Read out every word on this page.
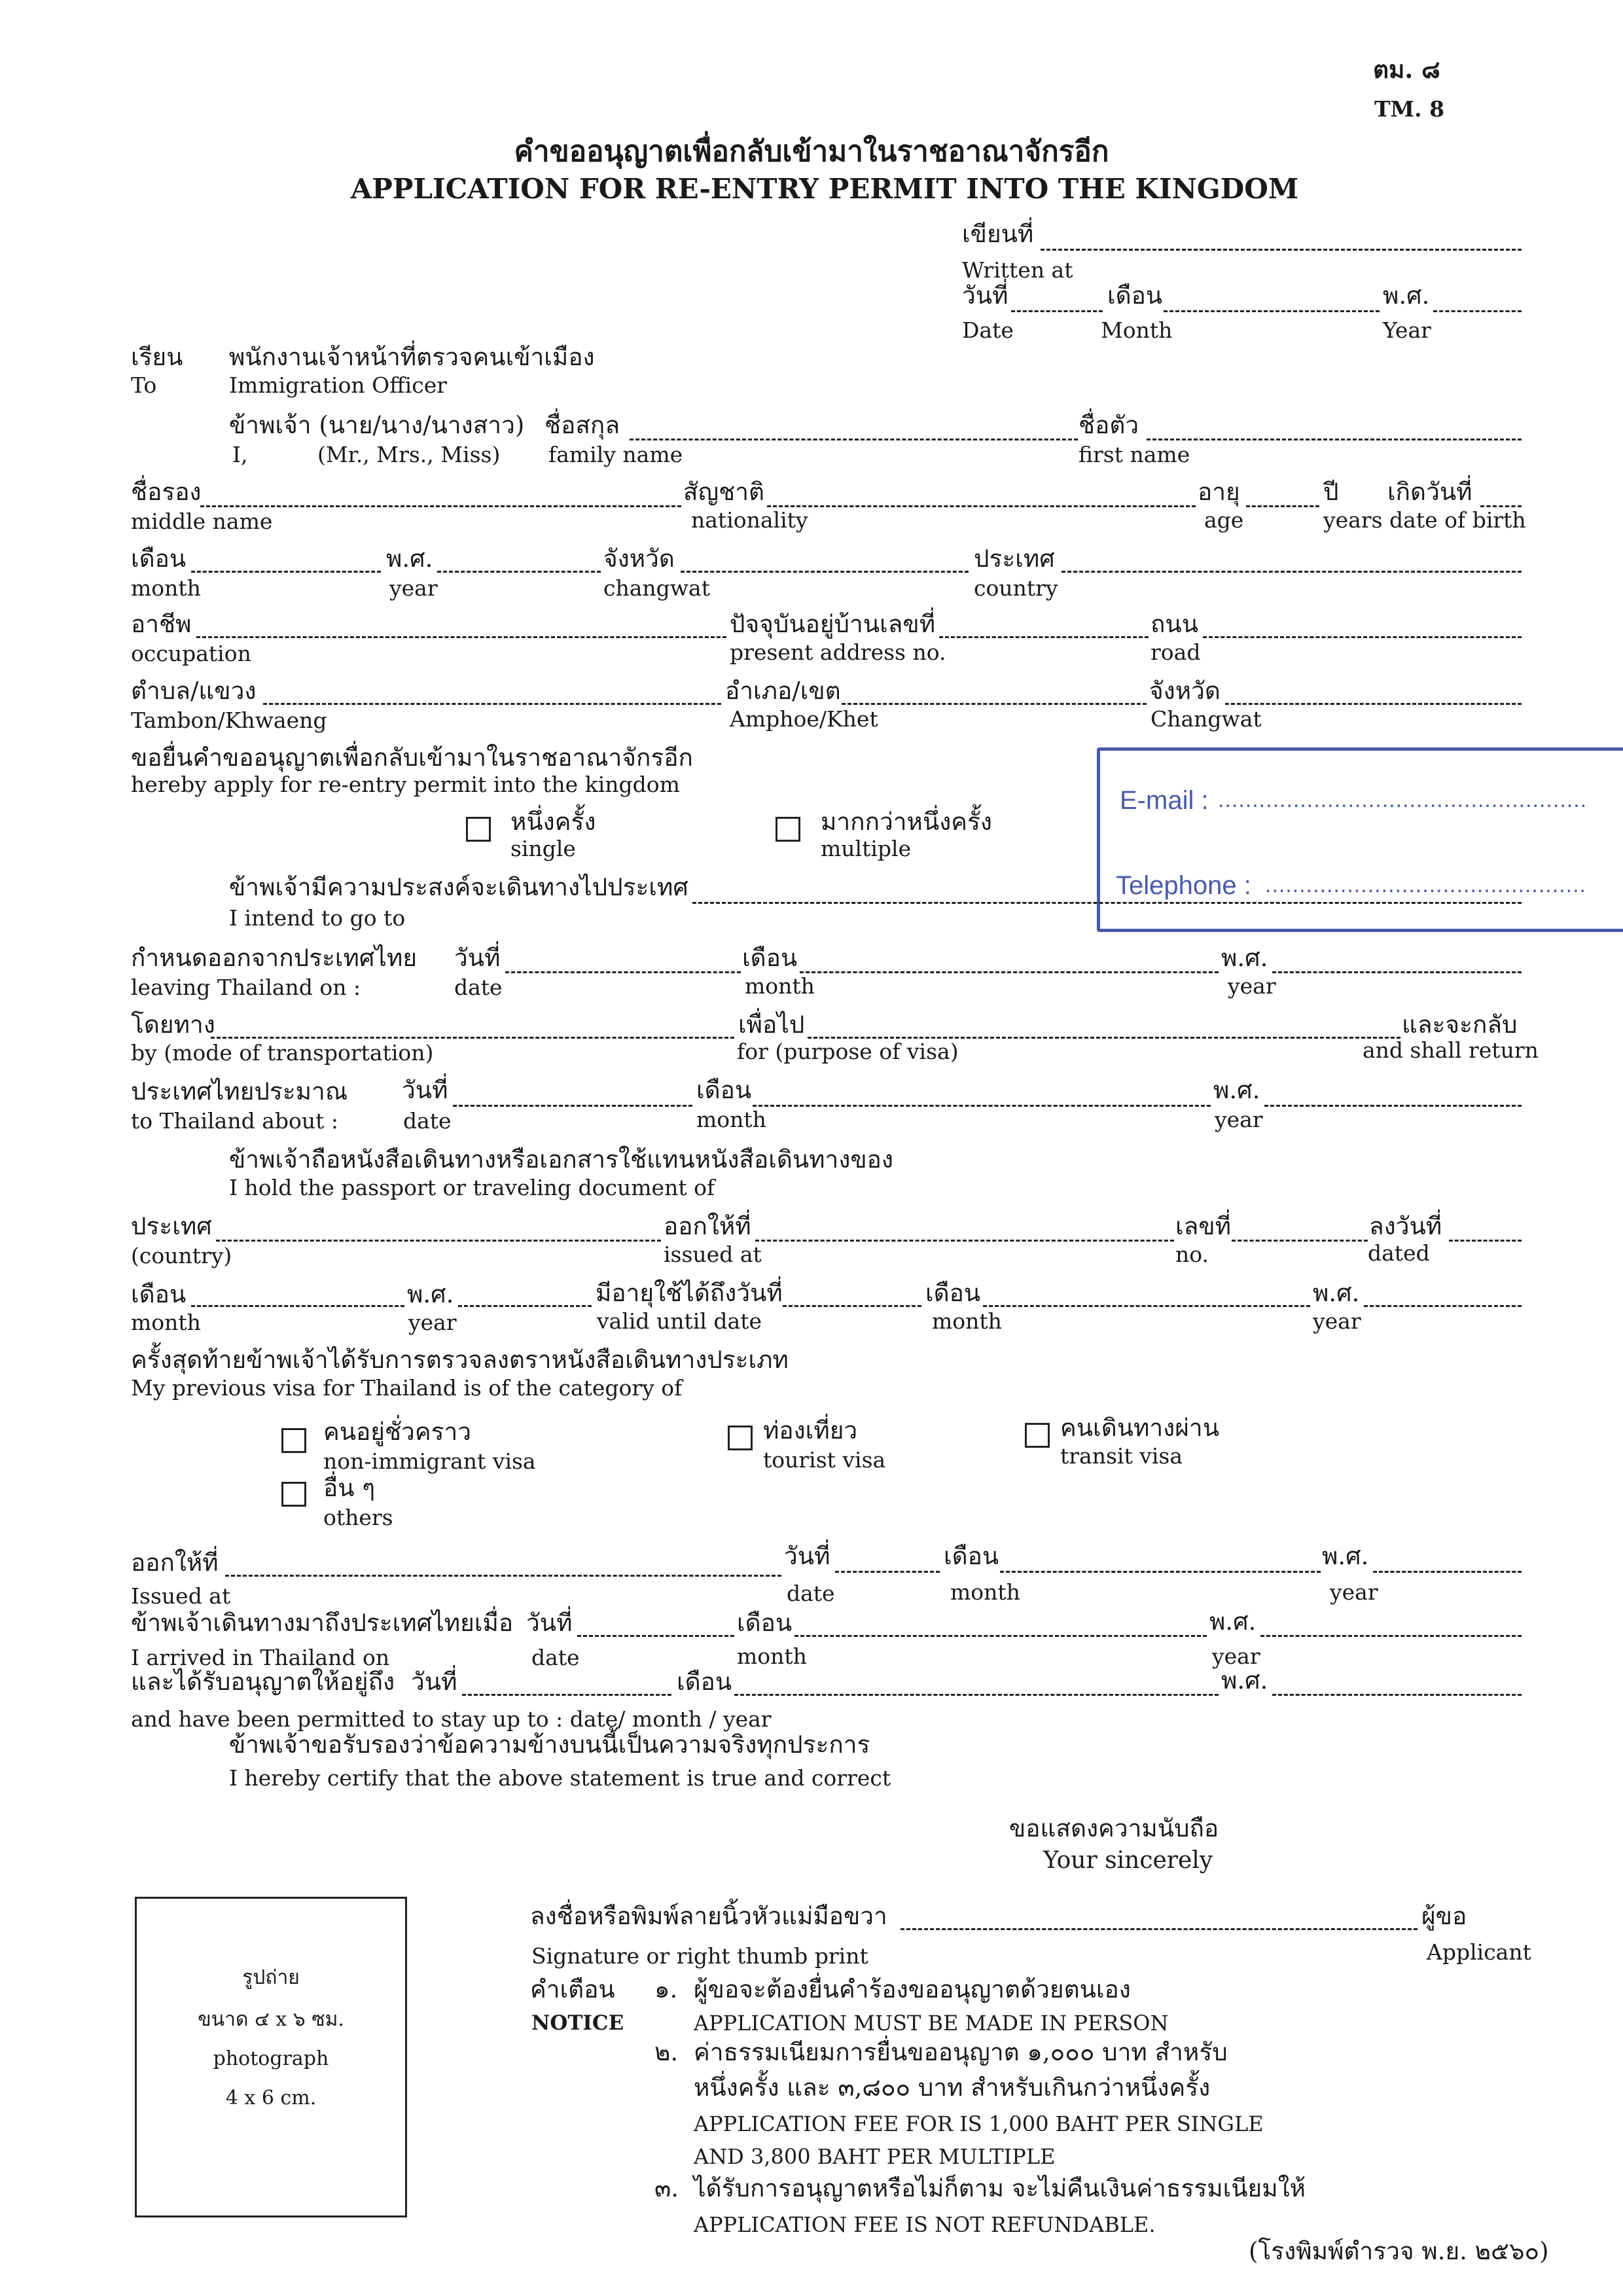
ตม. ๘
TM. 8
คำขออนุญาตเพื่อกลับเข้ามาในราชอาณาจักรอีก
APPLICATION FOR RE-ENTRY PERMIT INTO THE KINGDOM
เขียนที่
Written at
วันที่	เดือน	พ.ศ.
Date	Month	Year
เรียน พนักงานเจ้าหน้าที่ตรวจคนเข้าเมือง
To	Immigration Officer
ข้าพเจ้า (นาย/นาง/นางสาว) ชื่อสกุล	ชื่อตัว
I,	(Mr., Mrs., Miss) family name	first name
ชื่อรอง	สัญชาติ	อายุ	ปี เกิดวันที่
middle name	nationality	age	years date of birth
เดือน	พ.ศ.	จังหวัด	ประเทศ
month	year	changwat	country
อาชีพ	ปัจจุบันอยู่บ้านเลขที่	ถนน
occupation	present address no.	road
ตำบล/แขวง	อำเภอ/เขต	จังหวัด
Tambon/Khwaeng	Amphoe/Khet	Changwat
ขอยื่นคำขออนุญาตเพื่อกลับเข้ามาในราชอาณาจักรอีก
hereby apply for re-entry permit into the kingdom
หนึ่งครั้ง
single
มากกว่าหนึ่งครั้ง
multiple
E-mail : ......................................................
Telephone : ...............................................
ข้าพเจ้ามีความประสงค์จะเดินทางไปประเทศ
I intend to go to
กำหนดออกจากประเทศไทย วันที่	เดือน	พ.ศ.
leaving Thailand on :	date	month	year
โดยทาง	เพื่อไป	และจะกลับ
by (mode of transportation)	for (purpose of visa)	and shall return
ประเทศไทยประมาณ วันที่	เดือน	พ.ศ.
to Thailand about :	date	month	year
ข้าพเจ้าถือหนังสือเดินทางหรือเอกสารใช้แทนหนังสือเดินทางของ
I hold the passport or traveling document of
ประเทศ	ออกให้ที่	เลขที่	ลงวันที่
(country)	issued at	no.	dated
เดือน	พ.ศ.	มีอายุใช้ได้ถึงวันที่	เดือน	พ.ศ.
month	year	valid until date	month	year
ครั้งสุดท้ายข้าพเจ้าได้รับการตรวจลงตราหนังสือเดินทางประเภท
My previous visa for Thailand is of the category of
คนอยู่ชั่วคราว
non-immigrant visa
ท่องเที่ยว
tourist visa
คนเดินทางผ่าน
transit visa
อื่น ๆ
others
ออกให้ที่	วันที่	เดือน	พ.ศ.
Issued at	date	month	year
ข้าพเจ้าเดินทางมาถึงประเทศไทยเมื่อ วันที่	เดือน	พ.ศ.
I arrived in Thailand on	date	month	year
และได้รับอนุญาตให้อยู่ถึง วันที่	เดือน	พ.ศ.
and have been permitted to stay up to : date/ month / year
ข้าพเจ้าขอรับรองว่าข้อความข้างบนนี้เป็นความจริงทุกประการ
I hereby certify that the above statement is true and correct
ขอแสดงความนับถือ
Your sincerely
รูปถ่าย
ขนาด ๔ x ๖ ซม.
photograph
4 x 6 cm.
ลงชื่อหรือพิมพ์ลายนิ้วหัวแม่มือขวา	ผู้ขอ
Signature or right thumb print	Applicant
คำเตือน
NOTICE
๑. ผู้ขอจะต้องยื่นคำร้องขออนุญาตด้วยตนเอง
APPLICATION MUST BE MADE IN PERSON
๒. ค่าธรรมเนียมการยื่นขออนุญาต ๑,๐๐๐ บาท สำหรับ
หนึ่งครั้ง และ ๓,๘๐๐ บาท สำหรับเกินกว่าหนึ่งครั้ง
APPLICATION FEE FOR IS 1,000 BAHT PER SINGLE
AND 3,800 BAHT PER MULTIPLE
๓. ได้รับการอนุญาตหรือไม่ก็ตาม จะไม่คืนเงินค่าธรรมเนียมให้
APPLICATION FEE IS NOT REFUNDABLE.
(โรงพิมพ์ตำรวจ พ.ย. ๒๕๖๐)
